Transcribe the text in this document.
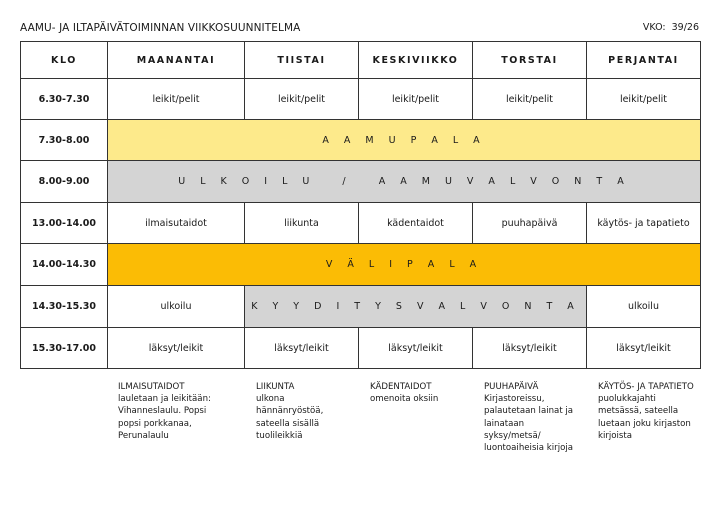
AAMU- JA ILTAPÄIVÄTOIMINNAN VIIKKOSUUNNITELMA	VKO: 39/26
KLO	MAANANTAI	TIISTAI	KESKIVIIKKO	TORSTAI	PERJANTAI
6.30-7.30	leikit/pelit	leikit/pelit	leikit/pelit	leikit/pelit	leikit/pelit
7.30-8.00	A A M U P A L A				
8.00-9.00	U L K O I L U   /   A A M U V A L V O N T A				
13.00-14.00	ilmaisutaidot	liikunta	kädentaidot	puuhapäivä	käytös- ja tapatieto
14.00-14.30	V Ä L I P A L A				
14.30-15.30	ulkoilu	K Y Y D I T Y S V A L V O N T A			ulkoilu
15.30-17.00	läksyt/leikit	läksyt/leikit	läksyt/leikit	läksyt/leikit	läksyt/leikit
ILMAISUTAIDOT
lauletaan ja leikitään: Vihanneslaulu. Popsi popsi porkkanaa, Perunalaulu
LIIKUNTA
ulkona hännänryöstöä, sateella sisällä tuolileikkiä
KÄDENTAIDOT
omenoita oksiin
PUUHAPÄIVÄ
Kirjastoreissu, palautetaan lainat ja lainataan syksy/metsä/ luontoaiheisia kirjoja
KÄYTÖS- JA TAPATIETO
puolukkajahti metsässä, sateella luetaan joku kirjaston kirjoista
